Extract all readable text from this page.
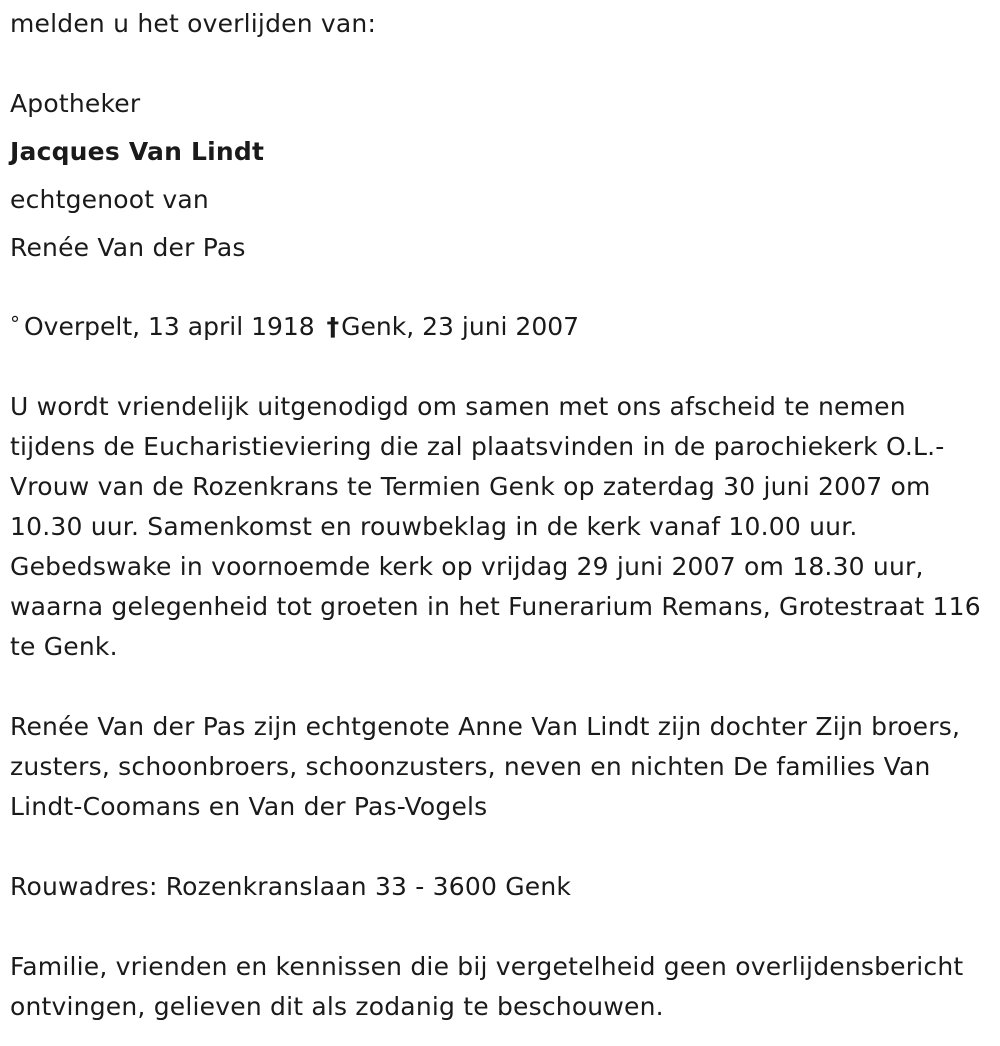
melden u het overlijden van:
Apotheker
Jacques Van Lindt
echtgenoot van
Renée Van der Pas
° Overpelt, 13 april 1918 †Genk, 23 juni 2007
U wordt vriendelijk uitgenodigd om samen met ons afscheid te nemen tijdens de Eucharistieviering die zal plaatsvinden in de parochiekerk O.L.-Vrouw van de Rozenkrans te Termien Genk op zaterdag 30 juni 2007 om 10.30 uur. Samenkomst en rouwbeklag in de kerk vanaf 10.00 uur. Gebedswake in voornoemde kerk op vrijdag 29 juni 2007 om 18.30 uur, waarna gelegenheid tot groeten in het Funerarium Remans, Grotestraat 116 te Genk.
Renée Van der Pas zijn echtgenote Anne Van Lindt zijn dochter Zijn broers, zusters, schoonbroers, schoonzusters, neven en nichten De families Van Lindt-Coomans en Van der Pas-Vogels
Rouwadres: Rozenkranslaan 33 - 3600 Genk
Familie, vrienden en kennissen die bij vergetelheid geen overlijdensbericht ontvingen, gelieven dit als zodanig te beschouwen.
